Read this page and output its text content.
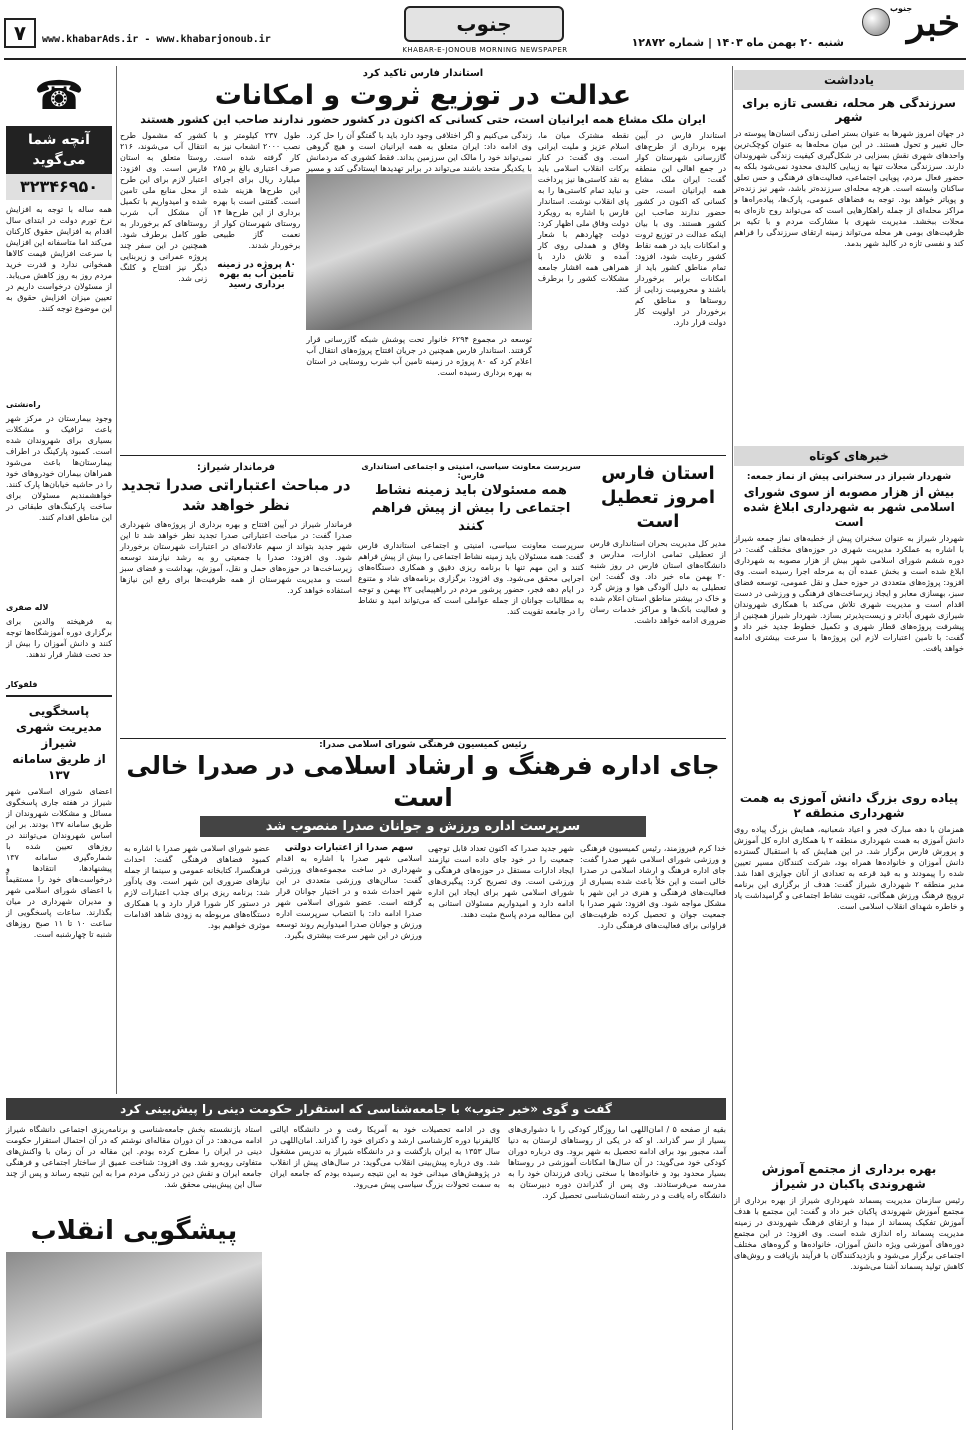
خبر
جنوب
شنبه ۲۰ بهمن ماه ۱۴۰۳ | شماره ۱۲۸۷۲
جنوب
KHABAR-E-JONOUB MORNING NEWSPAPER
www.khabarAds.ir - www.khabarjonoub.ir
۷
یادداشت
سرزندگی هر محله، نفسی تازه برای شهر
در جهان امروز شهرها به عنوان بستر اصلی زندگی انسان‌ها پیوسته در حال تغییر و تحول هستند. در این میان محله‌ها به عنوان کوچک‌ترین واحدهای شهری نقش بسزایی در شکل‌گیری کیفیت زندگی شهروندان دارند. سرزندگی محلات تنها به زیبایی کالبدی محدود نمی‌شود بلکه به حضور فعال مردم، پویایی اجتماعی، فعالیت‌های فرهنگی و حس تعلق ساکنان وابسته است. هرچه محله‌ای سرزنده‌تر باشد، شهر نیز زنده‌تر و پویاتر خواهد بود. توجه به فضاهای عمومی، پارک‌ها، پیاده‌راه‌ها و مراکز محله‌ای از جمله راهکارهایی است که می‌تواند روح تازه‌ای به محلات ببخشد. مدیریت شهری با مشارکت مردم و با تکیه بر ظرفیت‌های بومی هر محله می‌تواند زمینه ارتقای سرزندگی را فراهم کند و نفسی تازه در کالبد شهر بدمد.
خبرهای کوتاه
شهردار شیراز در سخنرانی پیش از نماز جمعه:
بیش از هزار مصوبه از سوی شورای اسلامی شهر به شهرداری ابلاغ شده است
شهردار شیراز به عنوان سخنران پیش از خطبه‌های نماز جمعه شیراز با اشاره به عملکرد مدیریت شهری در حوزه‌های مختلف گفت: در دوره ششم شورای اسلامی شهر بیش از هزار مصوبه به شهرداری ابلاغ شده است و بخش عمده آن به مرحله اجرا رسیده است. وی افزود: پروژه‌های متعددی در حوزه حمل و نقل عمومی، توسعه فضای سبز، بهسازی معابر و ایجاد زیرساخت‌های فرهنگی و ورزشی در دست اقدام است و مدیریت شهری تلاش می‌کند با همکاری شهروندان شیرازی شهری آبادتر و زیست‌پذیرتر بسازد. شهردار شیراز همچنین از پیشرفت پروژه‌های قطار شهری و تکمیل خطوط جدید خبر داد و گفت: با تامین اعتبارات لازم این پروژه‌ها با سرعت بیشتری ادامه خواهد یافت.
پیاده روی بزرگ دانش آموزی به همت شهرداری منطقه ۲
همزمان با دهه مبارک فجر و اعیاد شعبانیه، همایش بزرگ پیاده روی دانش آموزی به همت شهرداری منطقه ۲ با همکاری اداره کل آموزش و پرورش فارس برگزار شد. در این همایش که با استقبال گسترده دانش آموزان و خانواده‌ها همراه بود، شرکت کنندگان مسیر تعیین شده را پیمودند و به قید قرعه به تعدادی از آنان جوایزی اهدا شد. مدیر منطقه ۲ شهرداری شیراز گفت: هدف از برگزاری این برنامه ترویج فرهنگ ورزش همگانی، تقویت نشاط اجتماعی و گرامیداشت یاد و خاطره شهدای انقلاب اسلامی است.
بهره برداری از مجتمع آموزش شهروندی پاکبان در شیراز
رئیس سازمان مدیریت پسماند شهرداری شیراز از بهره برداری از مجتمع آموزش شهروندی پاکبان خبر داد و گفت: این مجتمع با هدف آموزش تفکیک پسماند از مبدا و ارتقای فرهنگ شهروندی در زمینه مدیریت پسماند راه اندازی شده است. وی افزود: در این مجتمع دوره‌های آموزشی ویژه دانش آموزان، خانواده‌ها و گروه‌های مختلف اجتماعی برگزار می‌شود و بازدیدکنندگان با فرآیند بازیافت و روش‌های کاهش تولید پسماند آشنا می‌شوند.
استاندار فارس تاکید کرد
عدالت در توزیع ثروت و امکانات
ایران ملک مشاع همه ایرانیان است، حتی کسانی که اکنون در کشور حضور ندارند صاحب این کشور هستند
استاندار فارس در آیین بهره برداری از طرح‌های گازرسانی شهرستان کوار در جمع اهالی این منطقه گفت: ایران ملک مشاع همه ایرانیان است، حتی کسانی که اکنون در کشور حضور ندارند صاحب این کشور هستند. وی با بیان اینکه عدالت در توزیع ثروت و امکانات باید در همه نقاط کشور رعایت شود، افزود: تمام مناطق کشور باید از امکانات برابر برخوردار باشند و محرومیت زدایی از روستاها و مناطق کم برخوردار در اولویت کار دولت قرار دارد.
نقطه مشترک میان ما، اسلام عزیز و ملیت ایرانی است. وی گفت: در کنار برکات انقلاب اسلامی باید به نقد کاستی‌ها نیز پرداخت و نباید تمام کاستی‌ها را به پای انقلاب نوشت. استاندار فارس با اشاره به رویکرد دولت وفاق ملی اظهار کرد: دولت چهاردهم با شعار وفاق و همدلی روی کار آمده و تلاش دارد با همراهی همه اقشار جامعه مشکلات کشور را برطرف کند.
زندگی می‌کنیم و اگر اختلافی وجود دارد باید با گفتگو آن را حل کرد. وی ادامه داد: ایران متعلق به همه ایرانیان است و هیچ گروهی نمی‌تواند خود را مالک این سرزمین بداند. فقط کشوری که مردمانش با یکدیگر متحد باشند می‌تواند در برابر تهدیدها ایستادگی کند و مسیر
توسعه در مجموع ۶۲۹۴ خانوار تحت پوشش شبکه گازرسانی قرار گرفتند. استاندار فارس همچنین در جریان افتتاح پروژه‌های انتقال آب اعلام کرد که ۸۰ پروژه در زمینه تامین آب شرب روستایی در استان به بهره برداری رسیده است.
طول ۲۳۷ کیلومتر و با نصب ۲۰۰۰ انشعاب نیز به کار گرفته شده است. صرف اعتباری بالغ بر ۲۸۵ میلیارد ریال برای اجرای این طرح‌ها هزینه شده است. گفتنی است با بهره برداری از این طرح‌ها ۱۴ روستای شهرستان کوار از نعمت گاز طبیعی برخوردار شدند.
۸۰ پروژه در زمینه تامین آب به بهره برداری رسید
کشور که مشمول طرح انتقال آب می‌شوند، ۲۱۶ روستا متعلق به استان فارس است. وی افزود: اعتبار لازم برای این طرح از محل منابع ملی تامین شده و امیدواریم با تکمیل آن مشکل آب شرب روستاهای کم برخوردار به طور کامل برطرف شود. همچنین در این سفر چند پروژه عمرانی و زیربنایی دیگر نیز افتتاح و کلنگ زنی شد.
استان فارس امروز تعطیل است
مدیر کل مدیریت بحران استانداری فارس از تعطیلی تمامی ادارات، مدارس و دانشگاه‌های استان فارس در روز شنبه ۲۰ بهمن ماه خبر داد. وی گفت: این تعطیلی به دلیل آلودگی هوا و وزش گرد و خاک در بیشتر مناطق استان اعلام شده و فعالیت بانک‌ها و مراکز خدمات رسان ضروری ادامه خواهد داشت.
سرپرست معاونت سیاسی، امنیتی و اجتماعی استانداری فارس:
همه مسئولان باید زمینه نشاط اجتماعی را بیش از پیش فراهم کنند
سرپرست معاونت سیاسی، امنیتی و اجتماعی استانداری فارس گفت: همه مسئولان باید زمینه نشاط اجتماعی را بیش از پیش فراهم کنند و این مهم تنها با برنامه ریزی دقیق و همکاری دستگاه‌های اجرایی محقق می‌شود. وی افزود: برگزاری برنامه‌های شاد و متنوع در ایام دهه فجر، حضور پرشور مردم در راهپیمایی ۲۲ بهمن و توجه به مطالبات جوانان از جمله عواملی است که می‌تواند امید و نشاط را در جامعه تقویت کند.
فرماندار شیراز:
در مباحث اعتباراتی صدرا تجدید نظر خواهد شد
فرماندار شیراز در آیین افتتاح و بهره برداری از پروژه‌های شهرداری صدرا گفت: در مباحث اعتباراتی صدرا تجدید نظر خواهد شد تا این شهر جدید بتواند از سهم عادلانه‌ای در اعتبارات شهرستان برخوردار شود. وی افزود: صدرا با جمعیتی رو به رشد نیازمند توسعه زیرساخت‌ها در حوزه‌های حمل و نقل، آموزش، بهداشت و فضای سبز است و مدیریت شهرستان از همه ظرفیت‌ها برای رفع این نیازها استفاده خواهد کرد.
رئیس کمیسیون فرهنگی شورای اسلامی صدرا:
جای اداره فرهنگ و ارشاد اسلامی در صدرا خالی است
سرپرست اداره ورزش و جوانان صدرا منصوب شد
خدا کرم فیروزمند، رئیس کمیسیون فرهنگی و ورزشی شورای اسلامی شهر صدرا گفت: جای اداره فرهنگ و ارشاد اسلامی در صدرا خالی است و این خلأ باعث شده بسیاری از فعالیت‌های فرهنگی و هنری در این شهر با مشکل مواجه شود. وی افزود: شهر صدرا با جمعیت جوان و تحصیل کرده ظرفیت‌های فراوانی برای فعالیت‌های فرهنگی دارد.
شهر جدید صدرا که اکنون تعداد قابل توجهی جمعیت را در خود جای داده است نیازمند ایجاد ادارات مستقل در حوزه‌های فرهنگی و ورزشی است. وی تصریح کرد: پیگیری‌های شورای اسلامی شهر برای ایجاد این اداره ادامه دارد و امیدواریم مسئولان استانی به این مطالبه مردم پاسخ مثبت دهند.
سهم صدرا از اعتبارات دولتی
اسلامی شهر صدرا با اشاره به اقدام شهرداری در ساخت مجموعه‌های ورزشی گفت: سالن‌های ورزشی متعددی در این شهر احداث شده و در اختیار جوانان قرار گرفته است. عضو شورای اسلامی شهر صدرا ادامه داد: با انتصاب سرپرست اداره ورزش و جوانان صدرا امیدواریم روند توسعه ورزش در این شهر سرعت بیشتری بگیرد.
عضو شورای اسلامی شهر صدرا با اشاره به کمبود فضاهای فرهنگی گفت: احداث فرهنگسرا، کتابخانه عمومی و سینما از جمله نیازهای ضروری این شهر است. وی یادآور شد: برنامه ریزی برای جذب اعتبارات لازم در دستور کار شورا قرار دارد و با همکاری دستگاه‌های مربوطه به زودی شاهد اقدامات موثری خواهیم بود.
گفت و گوی «خبر جنوب» با جامعه‌شناسی که استقرار حکومت دینی را پیش‌بینی کرد
بقیه از صفحه ۵ / امان‌اللهی اما روزگار کودکی را با دشواری‌های بسیار از سر گذراند. او که در یکی از روستاهای لرستان به دنیا آمد، مجبور بود برای ادامه تحصیل به شهر برود. وی درباره دوران کودکی خود می‌گوید: در آن سال‌ها امکانات آموزشی در روستاها بسیار محدود بود و خانواده‌ها با سختی زیادی فرزندان خود را به مدرسه می‌فرستادند. وی پس از گذراندن دوره دبیرستان به دانشگاه راه یافت و در رشته انسان‌شناسی تحصیل کرد.
وی در ادامه تحصیلات خود به آمریکا رفت و در دانشگاه ایالتی کالیفرنیا دوره کارشناسی ارشد و دکترای خود را گذراند. امان‌اللهی در سال ۱۳۵۳ به ایران بازگشت و در دانشگاه شیراز به تدریس مشغول شد. وی درباره پیش‌بینی انقلاب می‌گوید: در سال‌های پیش از انقلاب در پژوهش‌های میدانی خود به این نتیجه رسیده بودم که جامعه ایران به سمت تحولات بزرگ سیاسی پیش می‌رود.
استاد بازنشسته بخش جامعه‌شناسی و برنامه‌ریزی اجتماعی دانشگاه شیراز ادامه می‌دهد: در آن دوران مقاله‌ای نوشتم که در آن احتمال استقرار حکومت دینی در ایران را مطرح کرده بودم. این مقاله در آن زمان با واکنش‌های متفاوتی روبه‌رو شد. وی افزود: شناخت عمیق از ساختار اجتماعی و فرهنگی جامعه ایران و نقش دین در زندگی مردم مرا به این نتیجه رساند و پس از چند سال این پیش‌بینی محقق شد.
پیشگویی انقلاب
☎
آنچه شما می‌گوید
۳۲۳۴۶۹۵۰
همه ساله با توجه به افزایش نرخ تورم دولت در ابتدای سال اقدام به افزایش حقوق کارکنان می‌کند اما متاسفانه این افزایش با سرعت افزایش قیمت کالاها همخوانی ندارد و قدرت خرید مردم روز به روز کاهش می‌یابد. از مسئولان درخواست داریم در تعیین میزان افزایش حقوق به این موضوع توجه کنند.
راه‌نشتی
وجود بیمارستان در مرکز شهر باعث ترافیک و مشکلات بسیاری برای شهروندان شده است. کمبود پارکینگ در اطراف بیمارستان‌ها باعث می‌شود همراهان بیماران خودروهای خود را در حاشیه خیابان‌ها پارک کنند. خواهشمندیم مسئولان برای ساخت پارکینگ‌های طبقاتی در این مناطق اقدام کنند.
لاله صفری
به فرهیخته والدین برای برگزاری دوره آموزشگاه‌ها توجه کنند و دانش آموزان را بیش از حد تحت فشار قرار ندهند.
فلفوکار
پاسخگویی مدیریت شهری شیراز
از طریق سامانه ۱۳۷
اعضای شورای اسلامی شهر شیراز در هفته جاری پاسخگوی مسائل و مشکلات شهروندان از طریق سامانه ۱۳۷ بودند. بر این اساس شهروندان می‌توانند در روزهای تعیین شده با شماره‌گیری سامانه ۱۳۷ پیشنهادها، انتقادها و درخواست‌های خود را مستقیماً با اعضای شورای اسلامی شهر و مدیران شهرداری در میان بگذارند. ساعات پاسخگویی از ساعت ۱۰ تا ۱۱ صبح روزهای شنبه تا چهارشنبه است.
